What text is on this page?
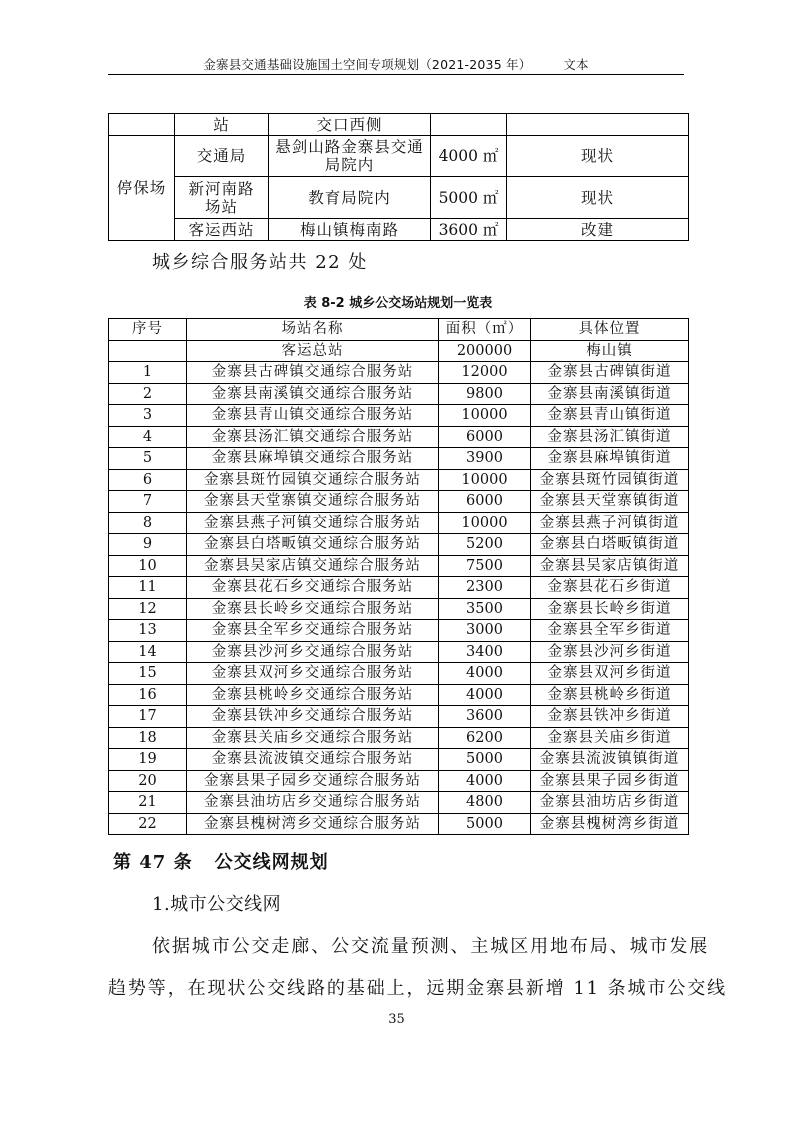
金寨县交通基础设施国土空间专项规划（2021-2035 年）　　　文本
	站	交口西侧		
停保场	交通局	悬剑山路金寨县交通局院内	4000 ㎡	现状
	新河南路场站	教育局院内	5000 ㎡	现状
	客运西站	梅山镇梅南路	3600 ㎡	改建
城乡综合服务站共 22 处
表 8-2 城乡公交场站规划一览表
序号	场站名称	面积（㎡）	具体位置
	客运总站	200000	梅山镇
1	金寨县古碑镇交通综合服务站	12000	金寨县古碑镇街道
2	金寨县南溪镇交通综合服务站	9800	金寨县南溪镇街道
3	金寨县青山镇交通综合服务站	10000	金寨县青山镇街道
4	金寨县汤汇镇交通综合服务站	6000	金寨县汤汇镇街道
5	金寨县麻埠镇交通综合服务站	3900	金寨县麻埠镇街道
6	金寨县斑竹园镇交通综合服务站	10000	金寨县斑竹园镇街道
7	金寨县天堂寨镇交通综合服务站	6000	金寨县天堂寨镇街道
8	金寨县燕子河镇交通综合服务站	10000	金寨县燕子河镇街道
9	金寨县白塔畈镇交通综合服务站	5200	金寨县白塔畈镇街道
10	金寨县吴家店镇交通综合服务站	7500	金寨县吴家店镇街道
11	金寨县花石乡交通综合服务站	2300	金寨县花石乡街道
12	金寨县长岭乡交通综合服务站	3500	金寨县长岭乡街道
13	金寨县全军乡交通综合服务站	3000	金寨县全军乡街道
14	金寨县沙河乡交通综合服务站	3400	金寨县沙河乡街道
15	金寨县双河乡交通综合服务站	4000	金寨县双河乡街道
16	金寨县桃岭乡交通综合服务站	4000	金寨县桃岭乡街道
17	金寨县铁冲乡交通综合服务站	3600	金寨县铁冲乡街道
18	金寨县关庙乡交通综合服务站	6200	金寨县关庙乡街道
19	金寨县流波镇交通综合服务站	5000	金寨县流波镇镇街道
20	金寨县果子园乡交通综合服务站	4000	金寨县果子园乡街道
21	金寨县油坊店乡交通综合服务站	4800	金寨县油坊店乡街道
22	金寨县槐树湾乡交通综合服务站	5000	金寨县槐树湾乡街道
第 47 条 公交线网规划
1.城市公交线网
依据城市公交走廊、公交流量预测、主城区用地布局、城市发展
趋势等，在现状公交线路的基础上，远期金寨县新增 11 条城市公交线
35
